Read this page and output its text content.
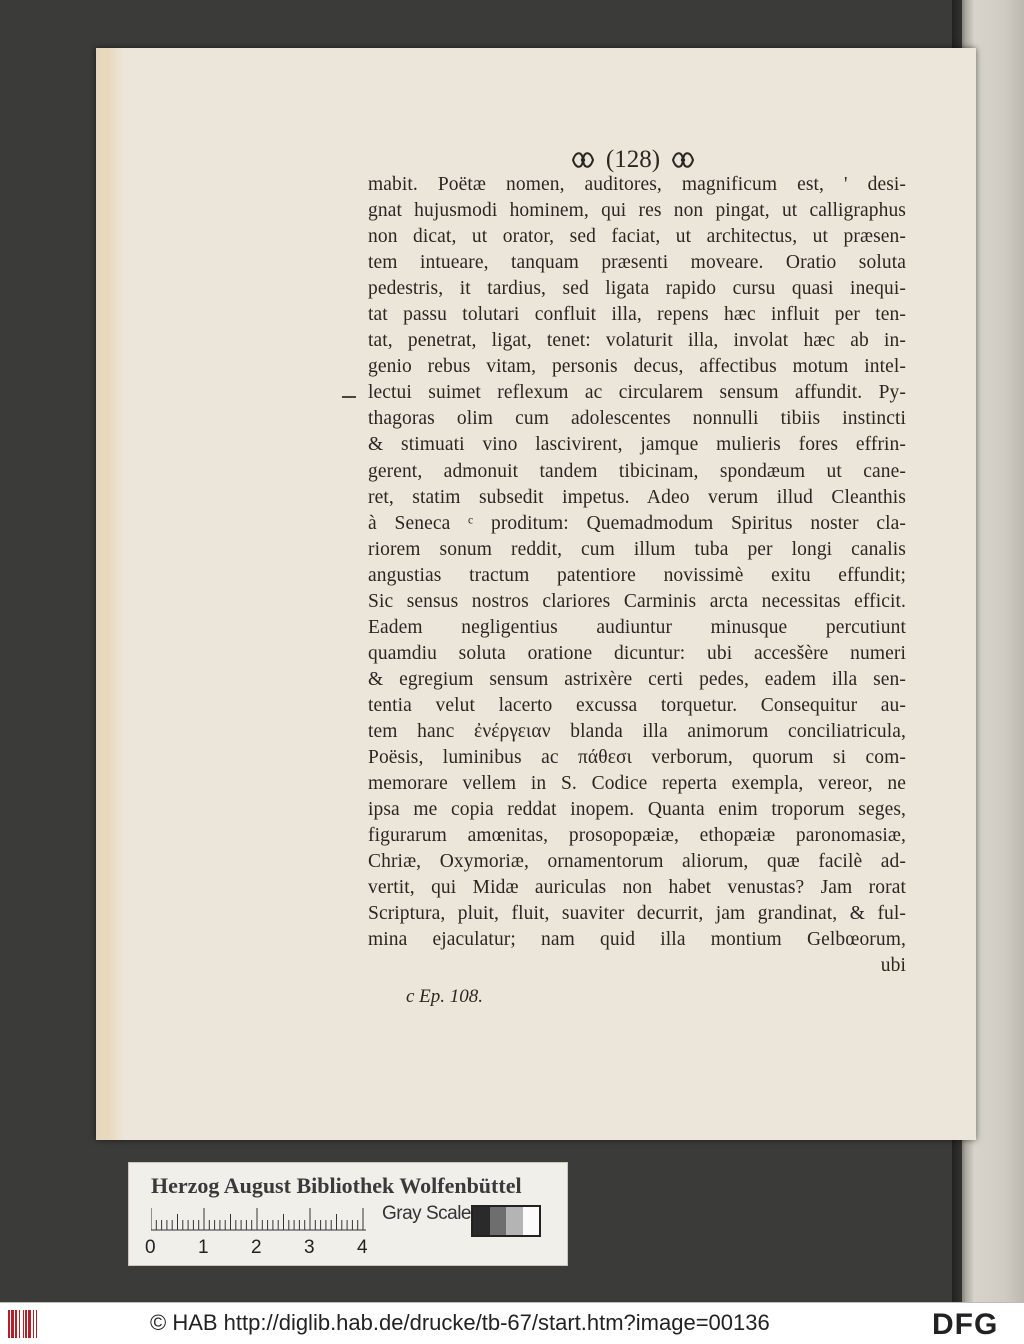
(128)
mabit. Poëtæ nomen, auditores, magnificum est, ' desi-
gnat hujusmodi hominem, qui res non pingat, ut calligraphus
non dicat, ut orator, sed faciat, ut architectus, ut præsen-
tem intueare, tanquam præsenti moveare. Oratio soluta
pedestris, it tardius, sed ligata rapido cursu quasi inequi-
tat passu tolutari confluit illa, repens hæc influit per ten-
tat, penetrat, ligat, tenet: volaturit illa, involat hæc ab in-
genio rebus vitam, personis decus, affectibus motum intel-
lectui suimet reflexum ac circularem sensum affundit. Py-
thagoras olim cum adolescentes nonnulli tibiis instincti
& stimuati vino lascivirent, jamque mulieris fores effrin-
gerent, admonuit tandem tibicinam, spondæum ut cane-
ret, statim subsedit impetus. Adeo verum illud Cleanthis
à Seneca ᶜ proditum: Quemadmodum Spiritus noster cla-
riorem sonum reddit, cum illum tuba per longi canalis
angustias tractum patentiore novissimè exitu effundit;
Sic sensus nostros clariores Carminis arcta necessitas efficit.
Eadem negligentius audiuntur minusque percutiunt
quamdiu soluta oratione dicuntur: ubi accesšère numeri
& egregium sensum astrixère certi pedes, eadem illa sen-
tentia velut lacerto excussa torquetur. Consequitur au-
tem hanc ἐνέργειαν blanda illa animorum conciliatricula,
Poësis, luminibus ac πάθεσι verborum, quorum si com-
memorare vellem in S. Codice reperta exempla, vereor, ne
ipsa me copia reddat inopem. Quanta enim troporum seges,
figurarum amœnitas, prosopopæiæ, ethopæiæ paronomasiæ,
Chriæ, Oxymoriæ, ornamentorum aliorum, quæ facilè ad-
vertit, qui Midæ auriculas non habet venustas? Jam rorat
Scriptura, pluit, fluit, suaviter decurrit, jam grandinat, & ful-
mina ejaculatur; nam quid illa montium Gelbœorum,
ubi
c Ep. 108.
Herzog August Bibliothek Wolfenbüttel
0 1 2 3 4
Gray Scale
© HAB http://diglib.hab.de/drucke/tb-67/start.htm?image=00136	DFG
